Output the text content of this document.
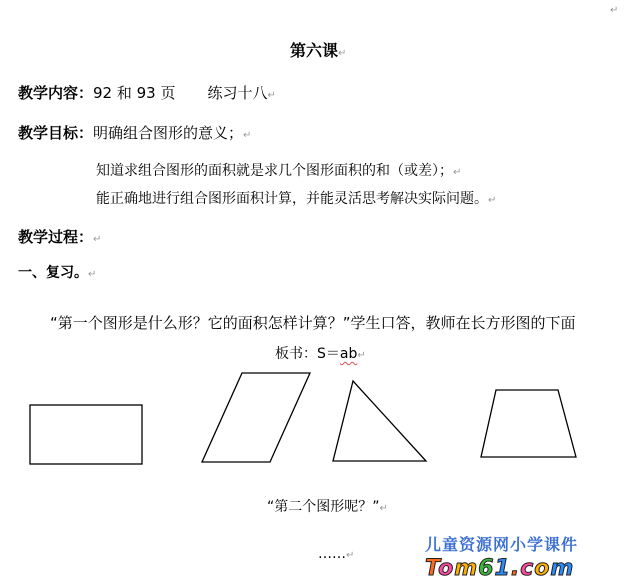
↵
第六课↵
教学内容：92 和 93 页 练习十八↵
教学目标：明确组合图形的意义；↵
知道求组合图形的面积就是求几个图形面积的和（或差）；↵
能正确地进行组合图形面积计算，并能灵活思考解决实际问题。↵
教学过程：↵
一、复习。↵
“第一个图形是什么形？它的面积怎样计算？”学生口答，教师在长方形图的下面
板书：S＝ab↵
“第二个图形呢？”↵
……↵
儿童资源网小学课件
Tom61.com
